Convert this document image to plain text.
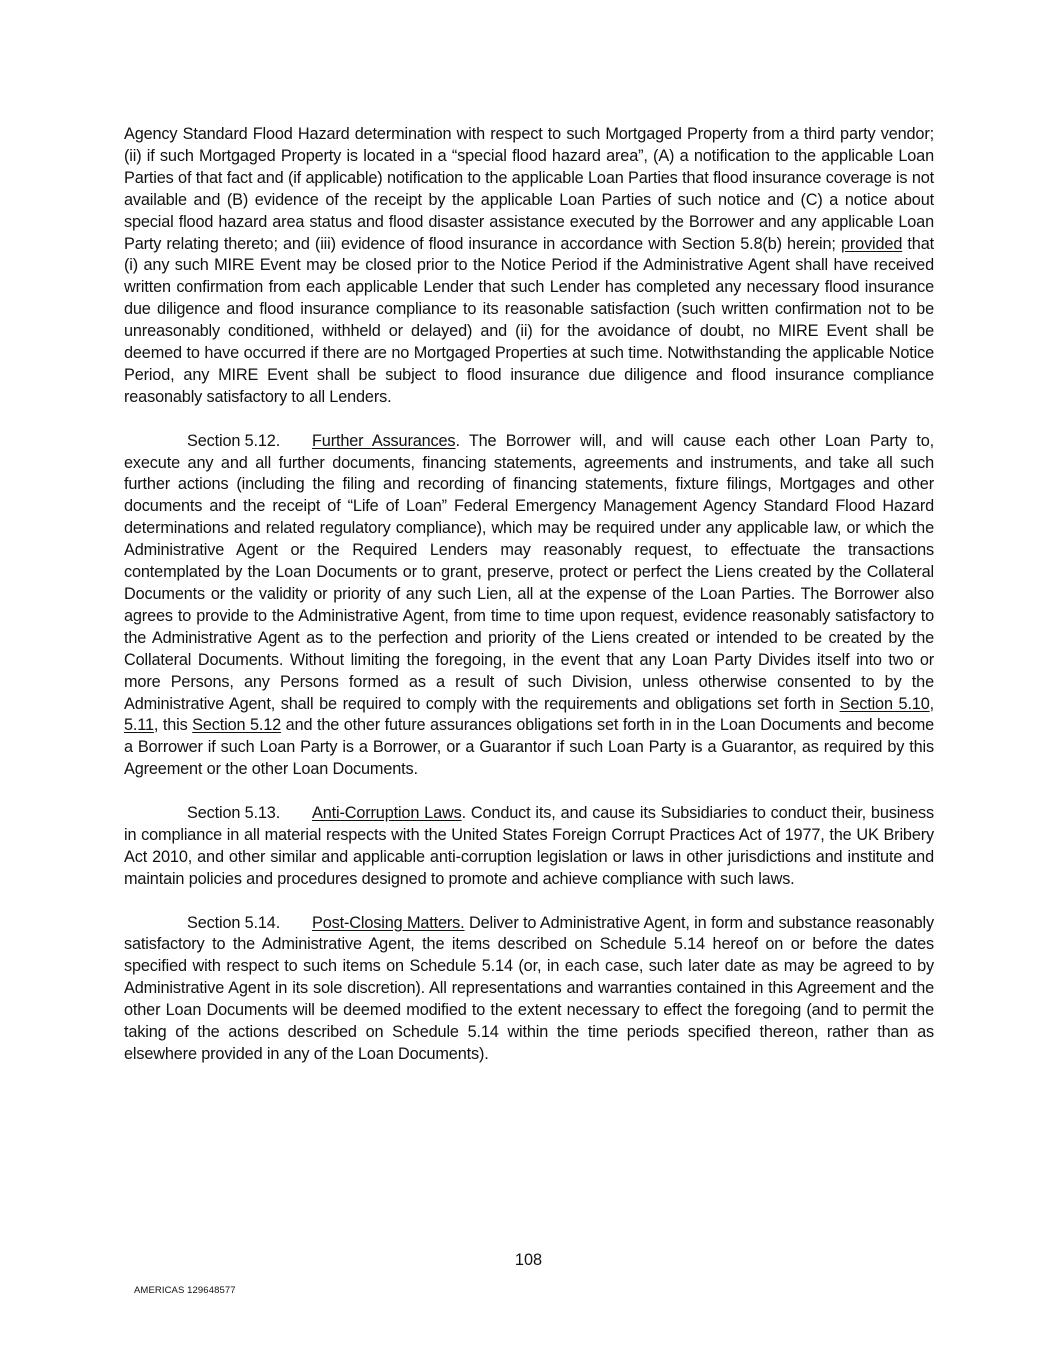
Agency Standard Flood Hazard determination with respect to such Mortgaged Property from a third party vendor; (ii) if such Mortgaged Property is located in a “special flood hazard area”, (A) a notification to the applicable Loan Parties of that fact and (if applicable) notification to the applicable Loan Parties that flood insurance coverage is not available and (B) evidence of the receipt by the applicable Loan Parties of such notice and (C) a notice about special flood hazard area status and flood disaster assistance executed by the Borrower and any applicable Loan Party relating thereto; and (iii) evidence of flood insurance in accordance with Section 5.8(b) herein; provided that (i) any such MIRE Event may be closed prior to the Notice Period if the Administrative Agent shall have received written confirmation from each applicable Lender that such Lender has completed any necessary flood insurance due diligence and flood insurance compliance to its reasonable satisfaction (such written confirmation not to be unreasonably conditioned, withheld or delayed) and (ii) for the avoidance of doubt, no MIRE Event shall be deemed to have occurred if there are no Mortgaged Properties at such time. Notwithstanding the applicable Notice Period, any MIRE Event shall be subject to flood insurance due diligence and flood insurance compliance reasonably satisfactory to all Lenders.

Section 5.12. Further Assurances. The Borrower will, and will cause each other Loan Party to, execute any and all further documents, financing statements, agreements and instruments, and take all such further actions (including the filing and recording of financing statements, fixture filings, Mortgages and other documents and the receipt of “Life of Loan” Federal Emergency Management Agency Standard Flood Hazard determinations and related regulatory compliance), which may be required under any applicable law, or which the Administrative Agent or the Required Lenders may reasonably request, to effectuate the transactions contemplated by the Loan Documents or to grant, preserve, protect or perfect the Liens created by the Collateral Documents or the validity or priority of any such Lien, all at the expense of the Loan Parties. The Borrower also agrees to provide to the Administrative Agent, from time to time upon request, evidence reasonably satisfactory to the Administrative Agent as to the perfection and priority of the Liens created or intended to be created by the Collateral Documents. Without limiting the foregoing, in the event that any Loan Party Divides itself into two or more Persons, any Persons formed as a result of such Division, unless otherwise consented to by the Administrative Agent, shall be required to comply with the requirements and obligations set forth in Section 5.10, 5.11, this Section 5.12 and the other future assurances obligations set forth in in the Loan Documents and become a Borrower if such Loan Party is a Borrower, or a Guarantor if such Loan Party is a Guarantor, as required by this Agreement or the other Loan Documents.

Section 5.13. Anti-Corruption Laws. Conduct its, and cause its Subsidiaries to conduct their, business in compliance in all material respects with the United States Foreign Corrupt Practices Act of 1977, the UK Bribery Act 2010, and other similar and applicable anti-corruption legislation or laws in other jurisdictions and institute and maintain policies and procedures designed to promote and achieve compliance with such laws.

Section 5.14. Post-Closing Matters. Deliver to Administrative Agent, in form and substance reasonably satisfactory to the Administrative Agent, the items described on Schedule 5.14 hereof on or before the dates specified with respect to such items on Schedule 5.14 (or, in each case, such later date as may be agreed to by Administrative Agent in its sole discretion). All representations and warranties contained in this Agreement and the other Loan Documents will be deemed modified to the extent necessary to effect the foregoing (and to permit the taking of the actions described on Schedule 5.14 within the time periods specified thereon, rather than as elsewhere provided in any of the Loan Documents).

108
AMERICAS 129648577
